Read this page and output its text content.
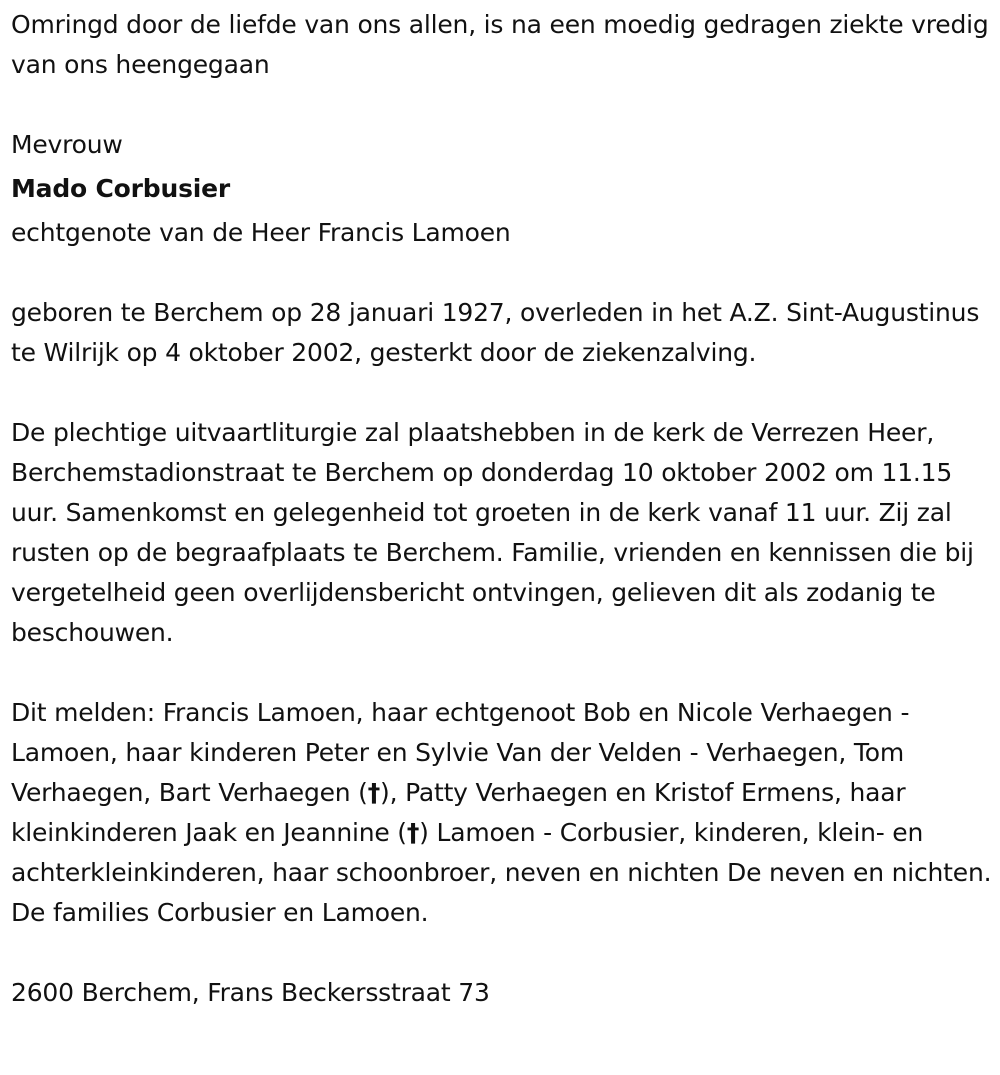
Omringd door de liefde van ons allen, is na een moedig gedragen ziekte vredig van ons heengegaan

Mevrouw

Mado Corbusier

echtgenote van de Heer Francis Lamoen

geboren te Berchem op 28 januari 1927, overleden in het A.Z. Sint-Augustinus te Wilrijk op 4 oktober 2002, gesterkt door de ziekenzalving.

De plechtige uitvaartliturgie zal plaatshebben in de kerk de Verrezen Heer, Berchemstadionstraat te Berchem op donderdag 10 oktober 2002 om 11.15 uur. Samenkomst en gelegenheid tot groeten in de kerk vanaf 11 uur. Zij zal rusten op de begraafplaats te Berchem. Familie, vrienden en kennissen die bij vergetelheid geen overlijdensbericht ontvingen, gelieven dit als zodanig te beschouwen.

Dit melden: Francis Lamoen, haar echtgenoot Bob en Nicole Verhaegen - Lamoen, haar kinderen Peter en Sylvie Van der Velden - Verhaegen, Tom Verhaegen, Bart Verhaegen (†), Patty Verhaegen en Kristof Ermens, haar kleinkinderen Jaak en Jeannine (†) Lamoen - Corbusier, kinderen, klein- en achterkleinkinderen, haar schoonbroer, neven en nichten De neven en nichten. De families Corbusier en Lamoen.

2600 Berchem, Frans Beckersstraat 73
